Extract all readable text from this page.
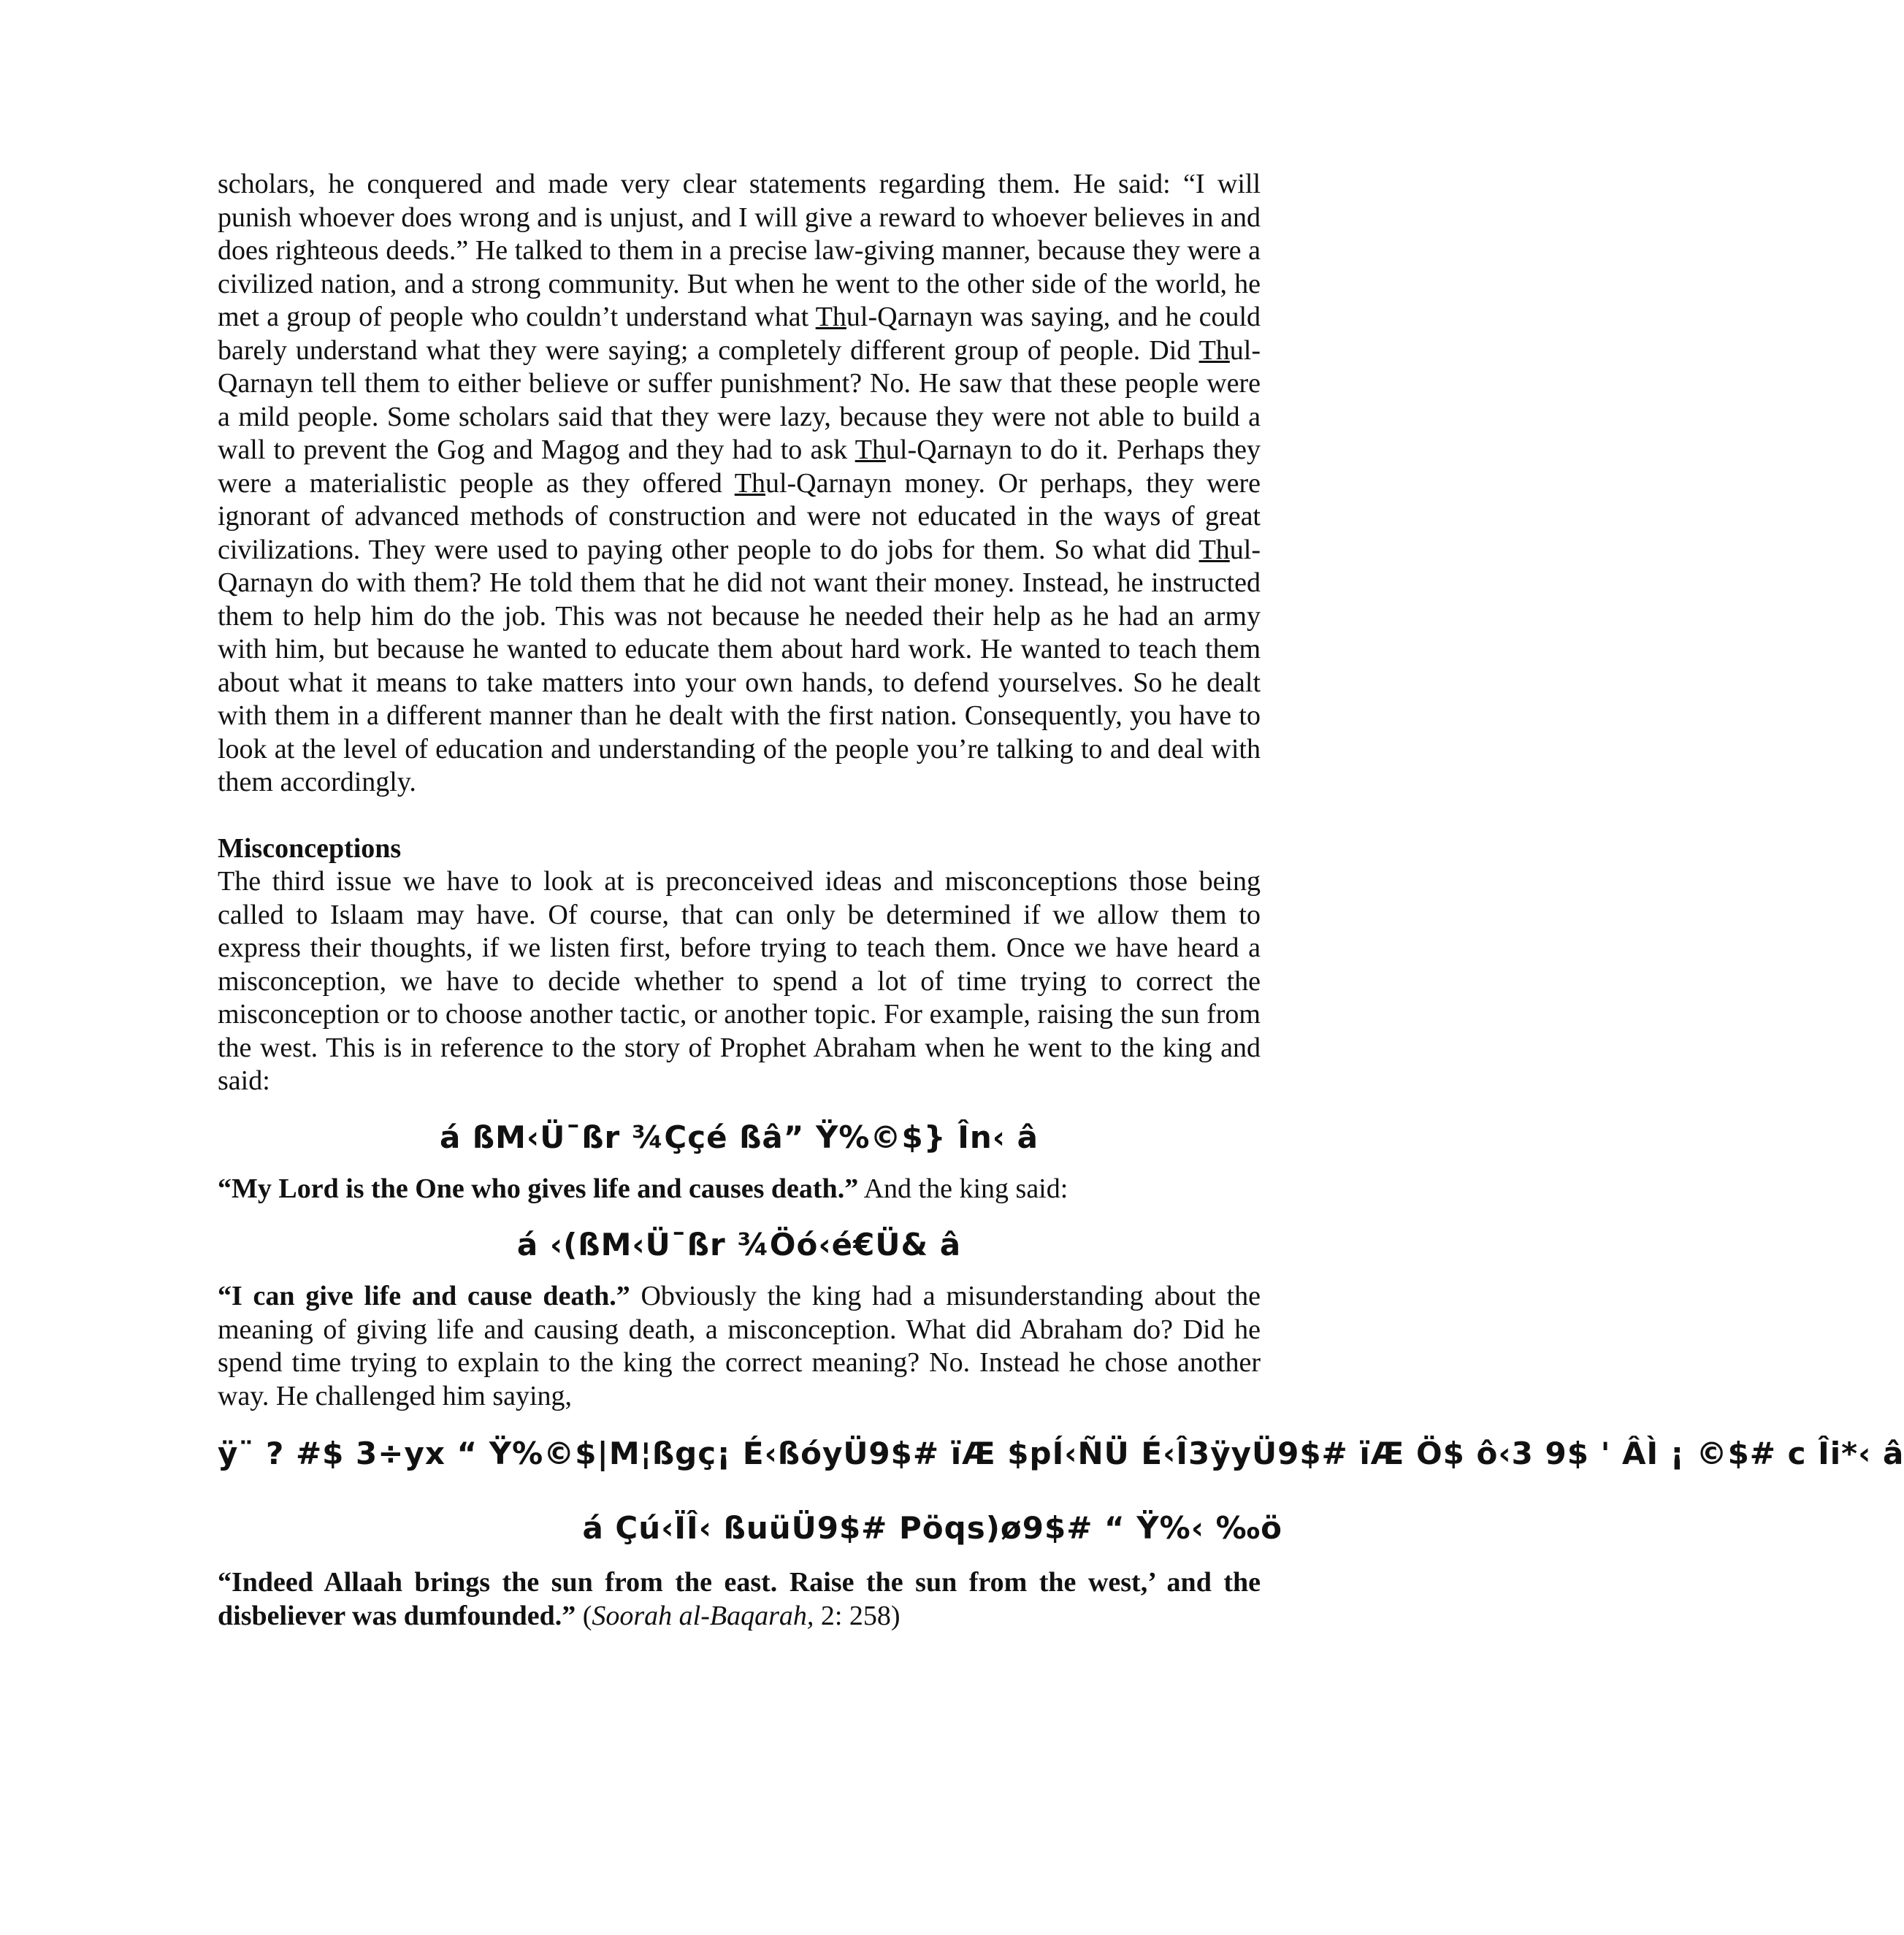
scholars, he conquered and made very clear statements regarding them. He said: “I will punish whoever does wrong and is unjust, and I will give a reward to whoever believes in and does righteous deeds.” He talked to them in a precise law-giving manner, because they were a civilized nation, and a strong community. But when he went to the other side of the world, he met a group of people who couldn’t understand what Thul-Qarnayn was saying, and he could barely understand what they were saying; a completely different group of people. Did Thul-Qarnayn tell them to either believe or suffer punishment? No. He saw that these people were a mild people. Some scholars said that they were lazy, because they were not able to build a wall to prevent the Gog and Magog and they had to ask Thul-Qarnayn to do it. Perhaps they were a materialistic people as they offered Thul-Qarnayn money. Or perhaps, they were ignorant of advanced methods of construction and were not educated in the ways of great civilizations. They were used to paying other people to do jobs for them. So what did Thul-Qarnayn do with them? He told them that he did not want their money. Instead, he instructed them to help him do the job. This was not because he needed their help as he had an army with him, but because he wanted to educate them about hard work. He wanted to teach them about what it means to take matters into your own hands, to defend yourselves. So he dealt with them in a different manner than he dealt with the first nation. Consequently, you have to look at the level of education and understanding of the people you’re talking to and deal with them accordingly.

Misconceptions

The third issue we have to look at is preconceived ideas and misconceptions those being called to Islaam may have. Of course, that can only be determined if we allow them to express their thoughts, if we listen first, before trying to teach them. Once we have heard a misconception, we have to decide whether to spend a lot of time trying to correct the misconception or to choose another tactic, or another topic. For example, raising the sun from the west. This is in reference to the story of Prophet Abraham when he went to the king and said:

á ßM‹Ü¯ßr ¾Ççé ßâ” Ÿ%©$} În‹ â

“My Lord is the One who gives life and causes death.” And the king said:

á ‹(ßM‹Ü¯ßr ¾Öó‹é€Ü& â

“I can give life and cause death.” Obviously the king had a misunderstanding about the meaning of giving life and causing death, a misconception. What did Abraham do? Did he spend time trying to explain to the king the correct meaning? No. Instead he chose another way. He challenged him saying,

ÿ¨ ? #$ 3÷yx “ Ÿ%©$|M¦ßgç¡ É‹ßóyÜ9$# ïÆ $pÍ‹ÑÜ É‹Î3ÿyÜ9$# ïÆ Ö$ ô‹3 9$ ' ÂÌ ¡ ©$# c Îi*‹ â
á Çú‹ÏÎ‹ ßuüÜ9$# Pöqs)ø9$# “ Ÿ%‹ ‰ö

“Indeed Allaah brings the sun from the east. Raise the sun from the west,’ and the disbeliever was dumfounded.” (Soorah al-Baqarah, 2: 258)
